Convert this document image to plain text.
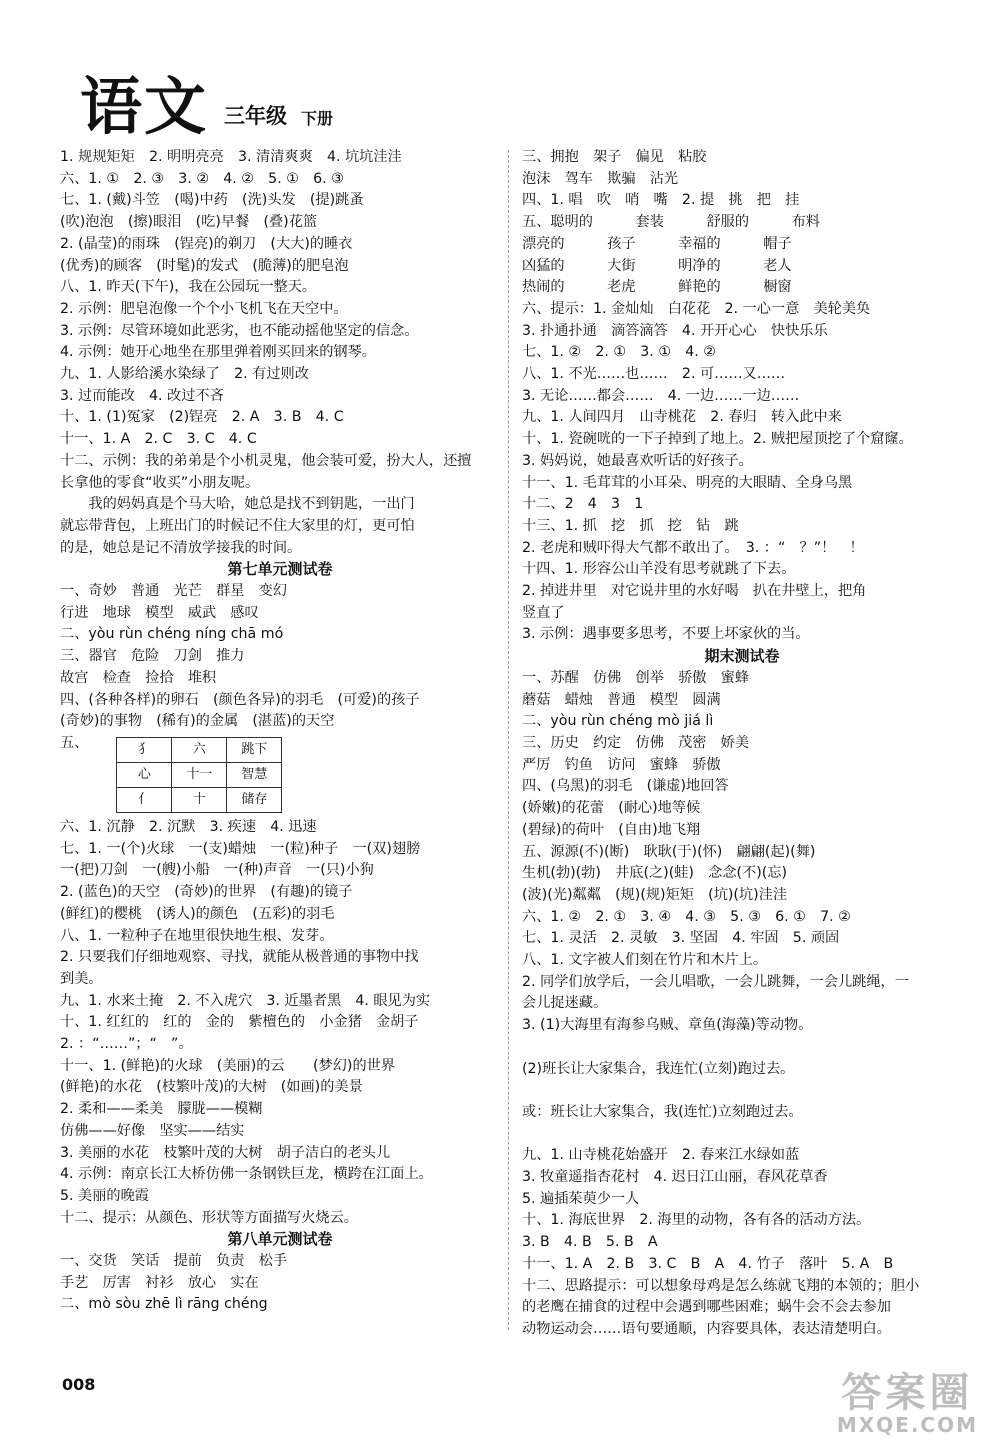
语文 三年级 下册
1. 规规矩矩　2. 明明亮亮　3. 清清爽爽　4. 坑坑洼洼
六、1. ①　2. ③　3. ②　4. ②　5. ①　6. ③
七、1. (戴)斗笠　(喝)中药　(洗)头发　(提)跳蚤
(吹)泡泡　(擦)眼泪　(吃)早餐　(叠)花篮
2. (晶莹)的雨珠　(锃亮)的剃刀　(大大)的睡衣
(优秀)的顾客　(时髦)的发式　(脆薄)的肥皂泡
八、1. 昨天(下午)，我在公园玩一整天。
2. 示例：肥皂泡像一个个小飞机飞在天空中。
3. 示例：尽管环境如此恶劣，也不能动摇他坚定的信念。
4. 示例：她开心地坐在那里弹着刚买回来的钢琴。
九、1. 人影给溪水染绿了　2. 有过则改
3. 过而能改　4. 改过不吝
十、1. (1)冤家　(2)锃亮　2. A　3. B　4. C
十一、1. A　2. C　3. C　4. C
十二、示例：我的弟弟是个小机灵鬼，他会装可爱，扮大人，还擅
长拿他的零食“收买”小朋友呢。
　　我的妈妈真是个马大哈，她总是找不到钥匙，一出门
就忘带背包，上班出门的时候记不住大家里的灯，更可怕
的是，她总是记不清放学接我的时间。
第七单元测试卷
一、奇妙　普通　光芒　群星　变幻
行进　地球　模型　威武　感叹
二、yòu rùn chéng níng chā mó
三、器官　危险　刀剑　推力
故宫　检查　捡拾　堆积
四、(各种各样)的卵石　(颜色各异)的羽毛　(可爱)的孩子
(奇妙)的事物　(稀有)的金属　(湛蓝)的天空
五、	犭	六	跳下
心	十一	智慧
亻	十	储存
六、1. 沉静　2. 沉默　3. 疾速　4. 迅速
七、1. 一(个)火球　一(支)蜡烛　一(粒)种子　一(双)翅膀
一(把)刀剑　一(艘)小船　一(种)声音　一(只)小狗
2. (蓝色)的天空　(奇妙)的世界　(有趣)的镜子
(鲜红)的樱桃　(诱人)的颜色　(五彩)的羽毛
八、1. 一粒种子在地里很快地生根、发芽。
2. 只要我们仔细地观察、寻找，就能从极普通的事物中找
到美。
九、1. 水来土掩　2. 不入虎穴　3. 近墨者黑　4. 眼见为实
十、1. 红红的　红的　金的　紫檀色的　小金猪　金胡子
2. ：“……”；“　”。
十一、1. (鲜艳)的火球　(美丽)的云　　(梦幻)的世界
(鲜艳)的水花　(枝繁叶茂)的大树　(如画)的美景
2. 柔和——柔美　朦胧——模糊
仿佛——好像　坚实——结实
3. 美丽的水花　枝繁叶茂的大树　胡子洁白的老头儿
4. 示例：南京长江大桥仿佛一条钢铁巨龙，横跨在江面上。
5. 美丽的晚霞
十二、提示：从颜色、形状等方面描写火烧云。
第八单元测试卷
一、交货　笑话　提前　负责　松手
手艺　厉害　衬衫　放心　实在
二、mò sòu zhē lì rāng chéng
三、拥抱　架子　偏见　粘胶
泡沫　驾车　欺骗　沾光
四、1. 唱　吹　哨　嘴　2. 提　挑　把　挂
五、聪明的　　　套装　　　舒服的　　　布料
漂亮的　　　孩子　　　幸福的　　　帽子
凶猛的　　　大街　　　明净的　　　老人
热闹的　　　老虎　　　鲜艳的　　　橱窗
六、提示：1. 金灿灿　白花花　2. 一心一意　美轮美奂
3. 扑通扑通　滴答滴答　4. 开开心心　快快乐乐
七、1. ②　2. ①　3. ①　4. ②
八、1. 不光……也……　2. 可……又……
3. 无论……都会……　4. 一边……一边……
九、1. 人间四月　山寺桃花　2. 春归　转入此中来
十、1. 瓷碗咣的一下子掉到了地上。2. 贼把屋顶挖了个窟窿。
3. 妈妈说，她最喜欢听话的好孩子。
十一、1. 毛茸茸的小耳朵、明亮的大眼睛、全身乌黑
十二、2　4　3　1
十三、1. 抓　挖　抓　挖　钻　跳
2. 老虎和贼吓得大气都不敢出了。　3. ：“　？”！　！
十四、1. 形容公山羊没有思考就跳了下去。
2. 掉进井里　对它说井里的水好喝　扒在井壁上，把角
竖直了
3. 示例：遇事要多思考，不要上坏家伙的当。
期末测试卷
一、苏醒　仿佛　创举　骄傲　蜜蜂
蘑菇　蜡烛　普通　模型　圆满
二、yòu rùn chéng mò jiá lì
三、历史　约定　仿佛　茂密　娇美
严厉　钓鱼　访问　蜜蜂　骄傲
四、(乌黑)的羽毛　(谦虚)地回答
(娇嫩)的花蕾　(耐心)地等候
(碧绿)的荷叶　(自由)地飞翔
五、源源(不)(断)　耿耿(于)(怀)　翩翩(起)(舞)
生机(勃)(勃)　井底(之)(蛙)　念念(不)(忘)
(波)(光)粼粼　(规)(规)矩矩　(坑)(坑)洼洼
六、1. ②　2. ①　3. ④　4. ③　5. ③　6. ①　7. ②
七、1. 灵活　2. 灵敏　3. 坚固　4. 牢固　5. 顽固
八、1. 文字被人们刻在竹片和木片上。
2. 同学们放学后，一会儿唱歌，一会儿跳舞，一会儿跳绳，一
会儿捉迷藏。
3. (1)大海里有海参乌贼、章鱼(海藻)等动物。

(2)班长让大家集合，我连忙(立刻)跑过去。

或：班长让大家集合，我(连忙)立刻跑过去。

九、1. 山寺桃花始盛开　2. 春来江水绿如蓝
3. 牧童遥指杏花村　4. 迟日江山丽，春风花草香
5. 遍插茱萸少一人
十、1. 海底世界　2. 海里的动物，各有各的活动方法。
3. B　4. B　5. B　A
十一、1. A　2. B　3. C　B　A　4. 竹子　落叶　5. A　B
十二、思路提示：可以想象母鸡是怎么练就飞翔的本领的；胆小
的老鹰在捕食的过程中会遇到哪些困难；蜗牛会不会去参加
动物运动会……语句要通顺，内容要具体，表达清楚明白。
008	答案圈
MXQE.COM
